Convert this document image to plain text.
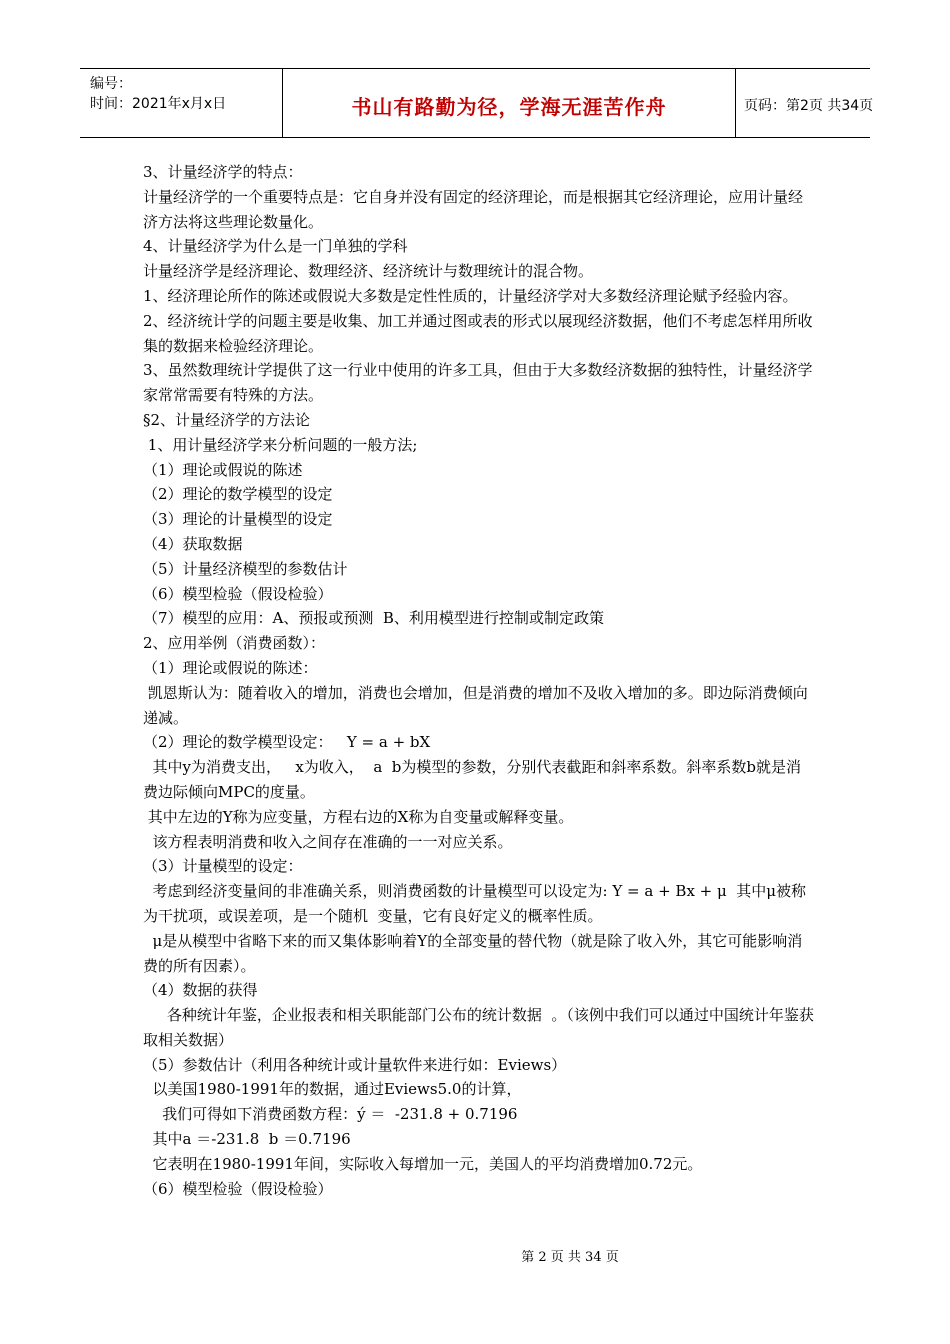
编号：
时间：2021年x月x日	书山有路勤为径，学海无涯苦作舟	页码：第2页 共34页

3、计量经济学的特点：

计量经济学的一个重要特点是：它自身并没有固定的经济理论，而是根据其它经济理论，应用计量经济方法将这些理论数量化。

4、计量经济学为什么是一门单独的学科

计量经济学是经济理论、数理经济、经济统计与数理统计的混合物。

1、经济理论所作的陈述或假说大多数是定性性质的，计量经济学对大多数经济理论赋予经验内容。

2、经济统计学的问题主要是收集、加工并通过图或表的形式以展现经济数据，他们不考虑怎样用所收集的数据来检验经济理论。

3、虽然数理统计学提供了这一行业中使用的许多工具，但由于大多数经济数据的独特性，计量经济学家常常需要有特殊的方法。

§2、计量经济学的方法论

1、用计量经济学来分析问题的一般方法;

（1）理论或假说的陈述

（2）理论的数学模型的设定

（3）理论的计量模型的设定

（4）获取数据

（5）计量经济模型的参数估计

（6）模型检验（假设检验）

（7）模型的应用：A、预报或预测  B、利用模型进行控制或制定政策

2、应用举例（消费函数）：

（1）理论或假说的陈述：

凯恩斯认为：随着收入的增加，消费也会增加，但是消费的增加不及收入增加的多。即边际消费倾向递减。

（2）理论的数学模型设定：   Y = a + bX

其中y为消费支出，   x为收入，  a  b为模型的参数，分别代表截距和斜率系数。斜率系数b就是消费边际倾向MPC的度量。

其中左边的Y称为应变量，方程右边的X称为自变量或解释变量。

该方程表明消费和收入之间存在准确的一一对应关系。

（3）计量模型的设定：

考虑到经济变量间的非准确关系，则消费函数的计量模型可以设定为: Y = a + Bx + μ  其中μ被称为干扰项，或误差项，是一个随机  变量，它有良好定义的概率性质。

μ是从模型中省略下来的而又集体影响着Y的全部变量的替代物（就是除了收入外，其它可能影响消费的所有因素）。

（4）数据的获得

各种统计年鉴，企业报表和相关职能部门公布的统计数据  。（该例中我们可以通过中国统计年鉴获取相关数据）

（5）参数估计（利用各种统计或计量软件来进行如：Eviews）

以美国1980-1991年的数据，通过Eviews5.0的计算，

我们可得如下消费函数方程：ý ＝  -231.8 + 0.7196

其中a ＝-231.8  b ＝0.7196

它表明在1980-1991年间，实际收入每增加一元，美国人的平均消费增加0.72元。

（6）模型检验（假设检验）

第 2 页 共 34 页
